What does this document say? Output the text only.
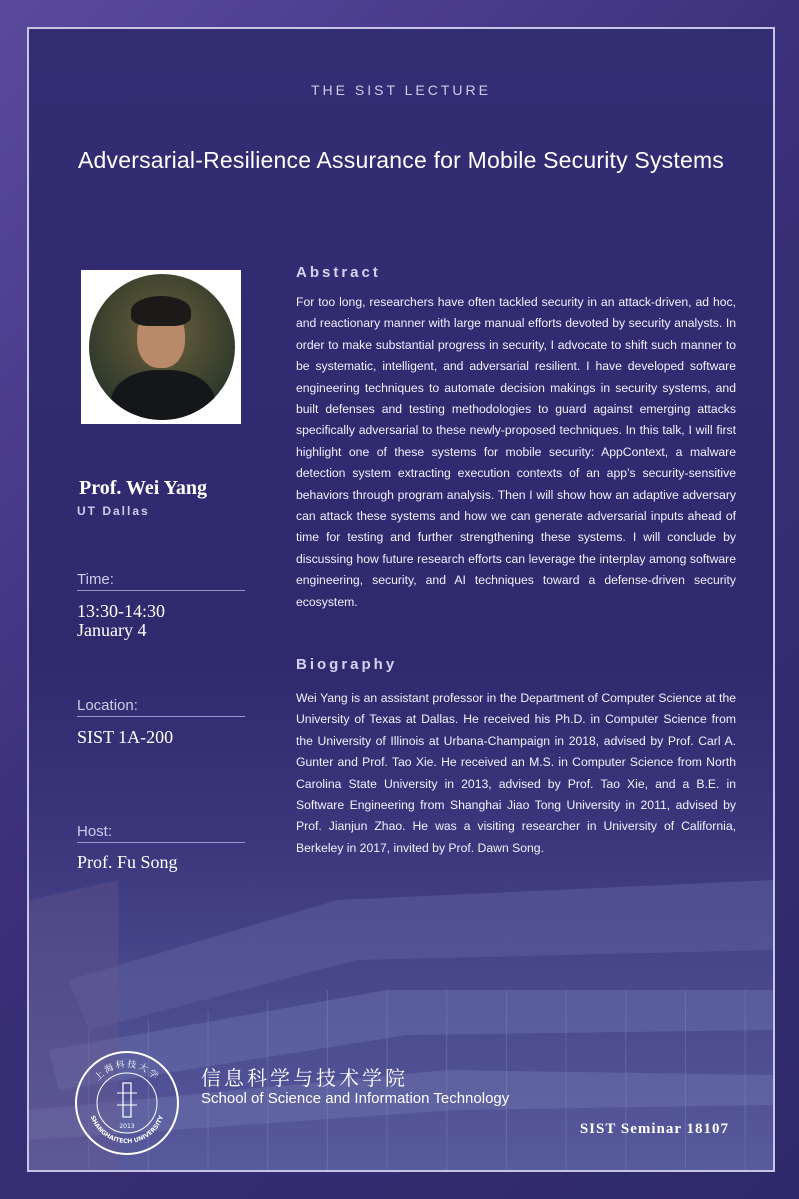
THE SIST LECTURE
Adversarial-Resilience Assurance for Mobile Security Systems
Prof. Wei Yang
UT Dallas
Time:
13:30-14:30
January 4
Location:
SIST 1A-200
Host:
Prof. Fu Song
Abstract

For too long, researchers have often tackled security in an attack-driven, ad hoc, and reactionary manner with large manual efforts devoted by security analysts. In order to make substantial progress in security, I advocate to shift such manner to be systematic, intelligent, and adversarial resilient. I have developed software engineering techniques to automate decision makings in security systems, and built defenses and testing methodologies to guard against emerging attacks specifically adversarial to these newly-proposed techniques. In this talk, I will first highlight one of these systems for mobile security: AppContext, a malware detection system extracting execution contexts of an app’s security-sensitive behaviors through program analysis. Then I will show how an adaptive adversary can attack these systems and how we can generate adversarial inputs ahead of time for testing and further strengthening these systems. I will conclude by discussing how future research efforts can leverage the interplay among software engineering, security, and AI techniques toward a defense-driven security ecosystem.

Biography

Wei Yang is an assistant professor in the Department of Computer Science at the University of Texas at Dallas. He received his Ph.D. in Computer Science from the University of Illinois at Urbana-Champaign in 2018, advised by Prof. Carl A. Gunter and Prof. Tao Xie. He received an M.S. in Computer Science from North Carolina State University in 2013, advised by Prof. Tao Xie, and a B.E. in Software Engineering from Shanghai Jiao Tong University in 2011, advised by Prof. Jianjun Zhao. He was a visiting researcher in University of California, Berkeley in 2017, invited by Prof. Dawn Song.

上海科技大学
SHANGHAITECH UNIVERSITY
2013
信息科学与技术学院
School of Science and Information Technology
SIST Seminar 18107
